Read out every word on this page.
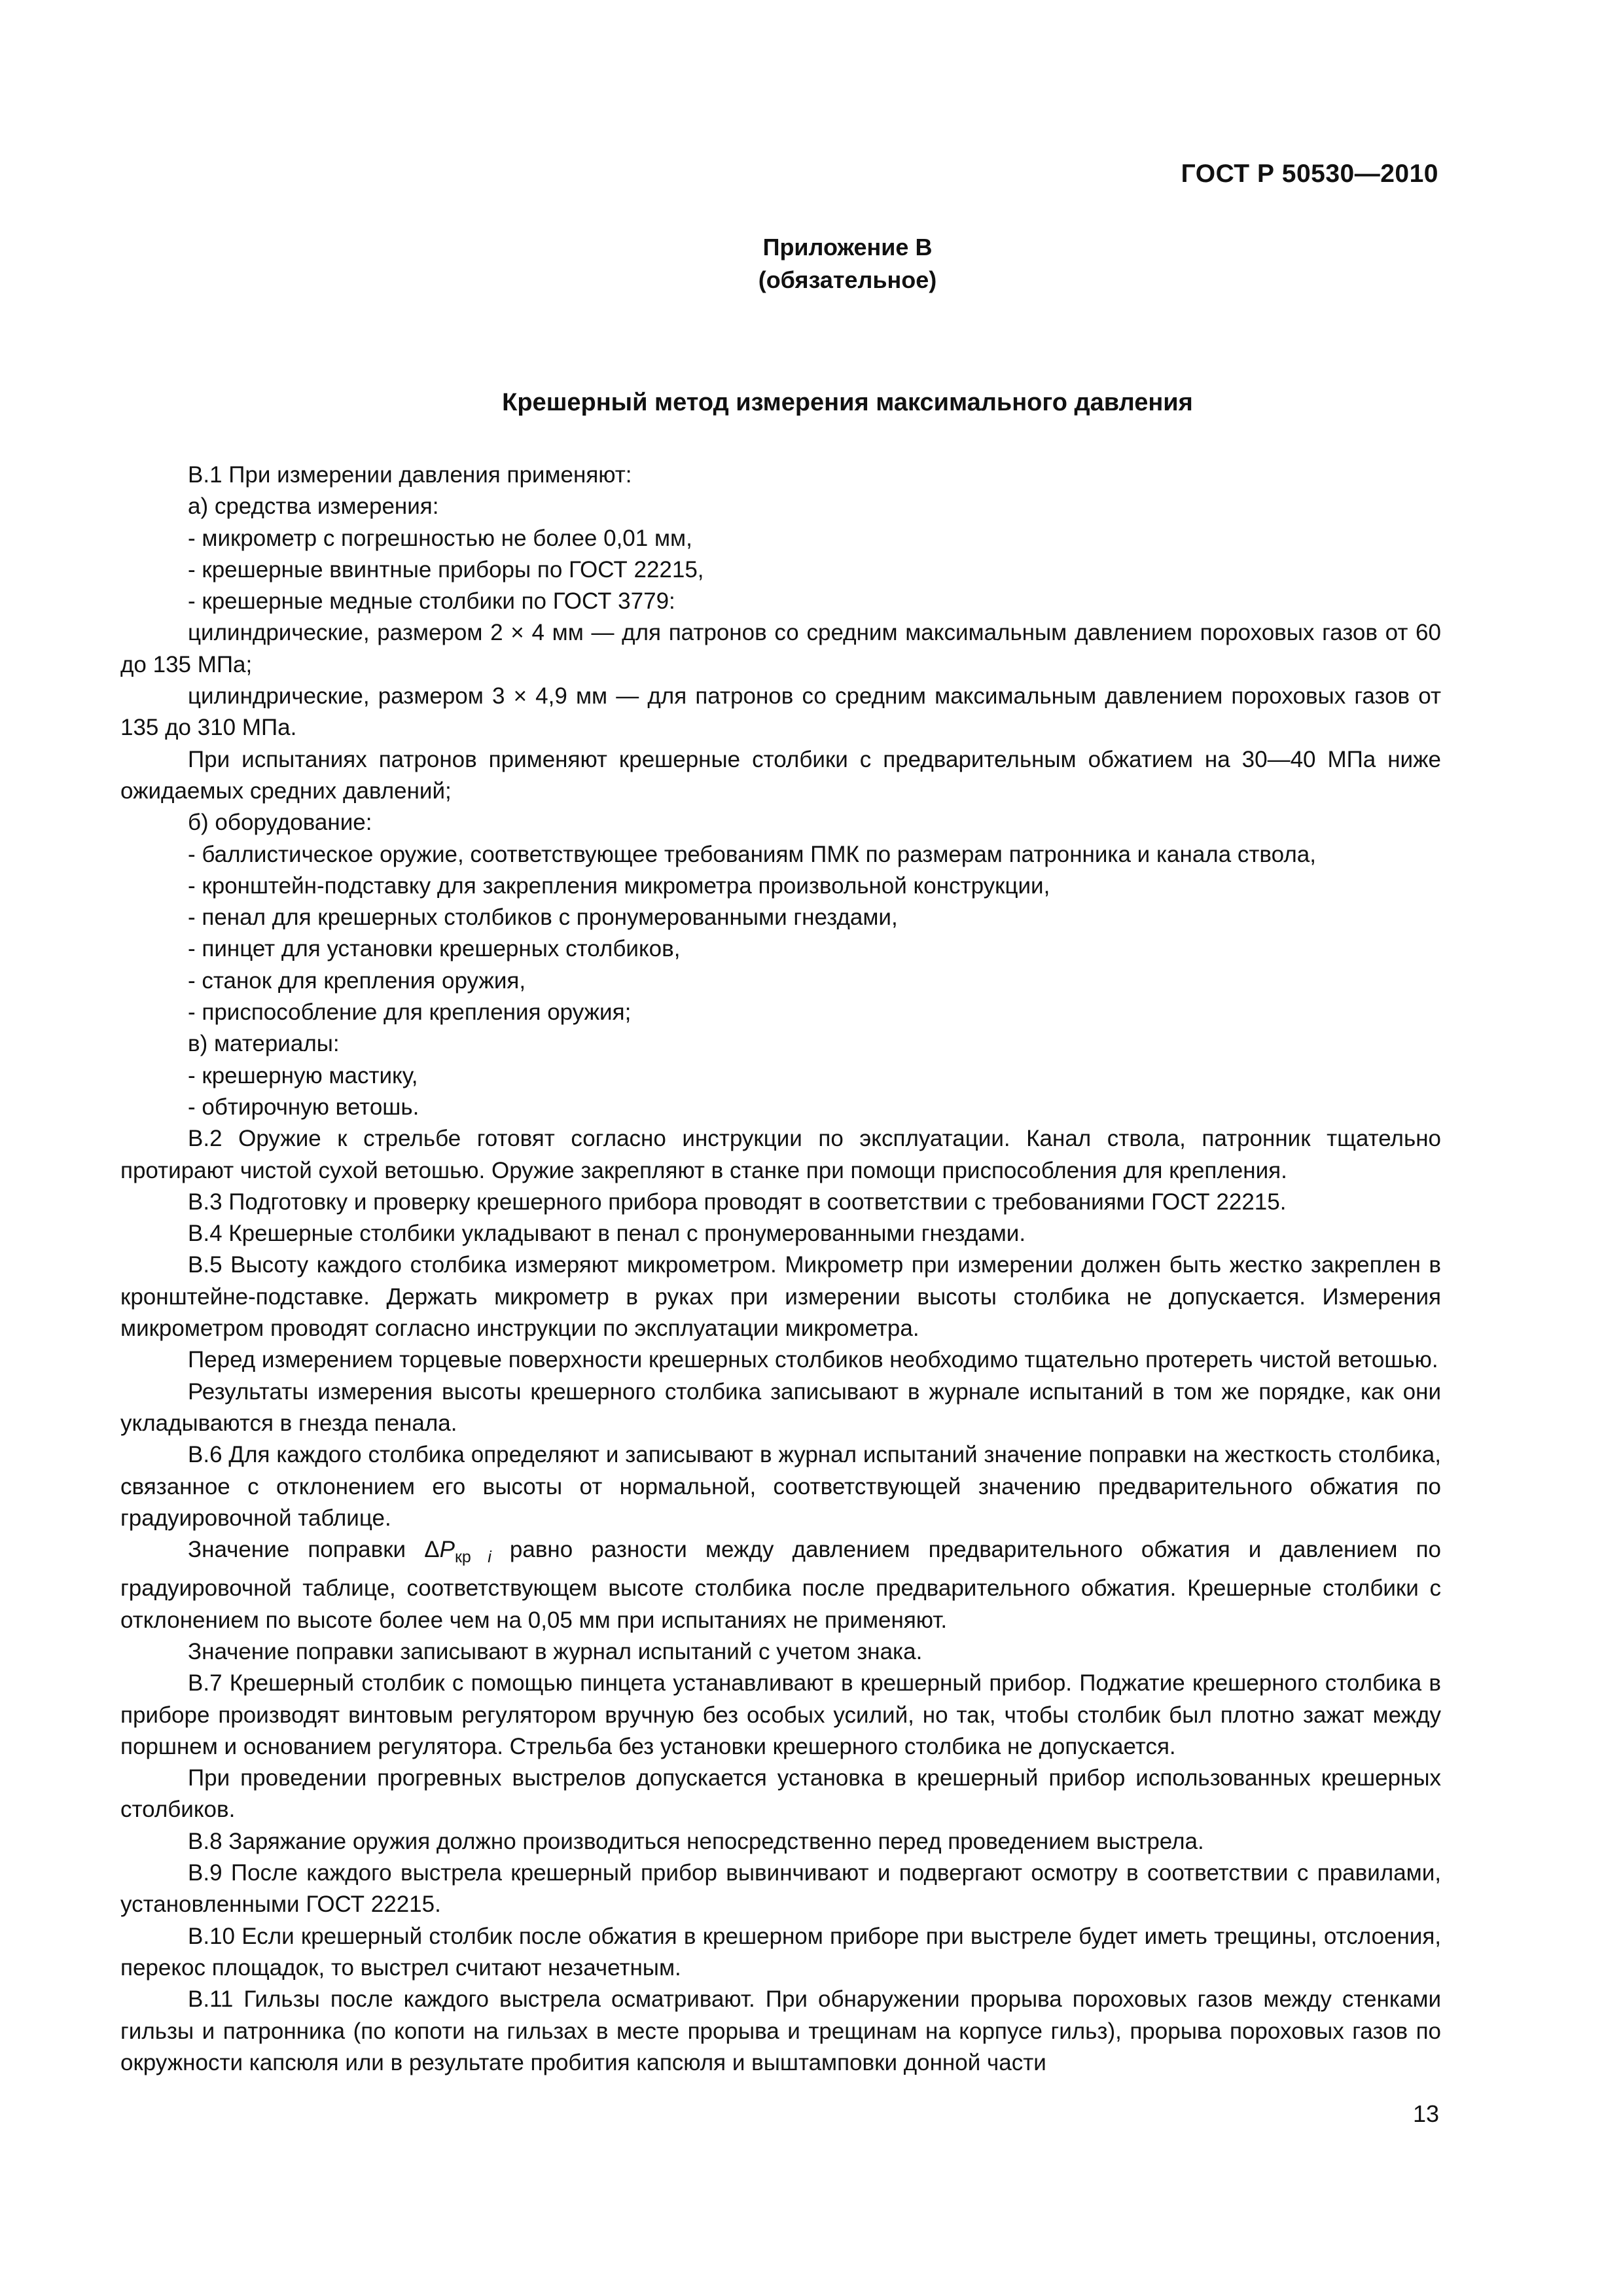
ГОСТ Р 50530—2010
Приложение В
(обязательное)
Крешерный метод измерения максимального давления

В.1 При измерении давления применяют:

а) средства измерения:

- микрометр с погрешностью не более 0,01 мм,

- крешерные ввинтные приборы по ГОСТ 22215,

- крешерные медные столбики по ГОСТ 3779:

цилиндрические, размером 2 × 4 мм — для патронов со средним максимальным давлением пороховых газов от 60 до 135 МПа;

цилиндрические, размером 3 × 4,9 мм — для патронов со средним максимальным давлением пороховых газов от 135 до 310 МПа.

При испытаниях патронов применяют крешерные столбики с предварительным обжатием на 30—40 МПа ниже ожидаемых средних давлений;

б) оборудование:

- баллистическое оружие, соответствующее требованиям ПМК по размерам патронника и канала ствола,

- кронштейн-подставку для закрепления микрометра произвольной конструкции,

- пенал для крешерных столбиков с пронумерованными гнездами,

- пинцет для установки крешерных столбиков,

- станок для крепления оружия,

- приспособление для крепления оружия;

в) материалы:

- крешерную мастику,

- обтирочную ветошь.

В.2 Оружие к стрельбе готовят согласно инструкции по эксплуатации. Канал ствола, патронник тщательно протирают чистой сухой ветошью. Оружие закрепляют в станке при помощи приспособления для крепления.

В.3 Подготовку и проверку крешерного прибора проводят в соответствии с требованиями ГОСТ 22215.

В.4 Крешерные столбики укладывают в пенал с пронумерованными гнездами.

В.5 Высоту каждого столбика измеряют микрометром. Микрометр при измерении должен быть жестко закреплен в кронштейне-подставке. Держать микрометр в руках при измерении высоты столбика не допускается. Измерения микрометром проводят согласно инструкции по эксплуатации микрометра.

Перед измерением торцевые поверхности крешерных столбиков необходимо тщательно протереть чистой ветошью.

Результаты измерения высоты крешерного столбика записывают в журнале испытаний в том же порядке, как они укладываются в гнезда пенала.

В.6 Для каждого столбика определяют и записывают в журнал испытаний значение поправки на жесткость столбика, связанное с отклонением его высоты от нормальной, соответствующей значению предварительного обжатия по градуировочной таблице.

Значение поправки $\Delta P_{кр i}$ равно разности между давлением предварительного обжатия и давлением по градуировочной таблице, соответствующем высоте столбика после предварительного обжатия. Крешерные столбики с отклонением по высоте более чем на 0,05 мм при испытаниях не применяют.

Значение поправки записывают в журнал испытаний с учетом знака.

В.7 Крешерный столбик с помощью пинцета устанавливают в крешерный прибор. Поджатие крешерного столбика в приборе производят винтовым регулятором вручную без особых усилий, но так, чтобы столбик был плотно зажат между поршнем и основанием регулятора. Стрельба без установки крешерного столбика не допускается.

При проведении прогревных выстрелов допускается установка в крешерный прибор использованных крешерных столбиков.

В.8 Заряжание оружия должно производиться непосредственно перед проведением выстрела.

В.9 После каждого выстрела крешерный прибор вывинчивают и подвергают осмотру в соответствии с правилами, установленными ГОСТ 22215.

В.10 Если крешерный столбик после обжатия в крешерном приборе при выстреле будет иметь трещины, отслоения, перекос площадок, то выстрел считают незачетным.

В.11 Гильзы после каждого выстрела осматривают. При обнаружении прорыва пороховых газов между стенками гильзы и патронника (по копоти на гильзах в месте прорыва и трещинам на корпусе гильз), прорыва пороховых газов по окружности капсюля или в результате пробития капсюля и выштамповки донной части

13
